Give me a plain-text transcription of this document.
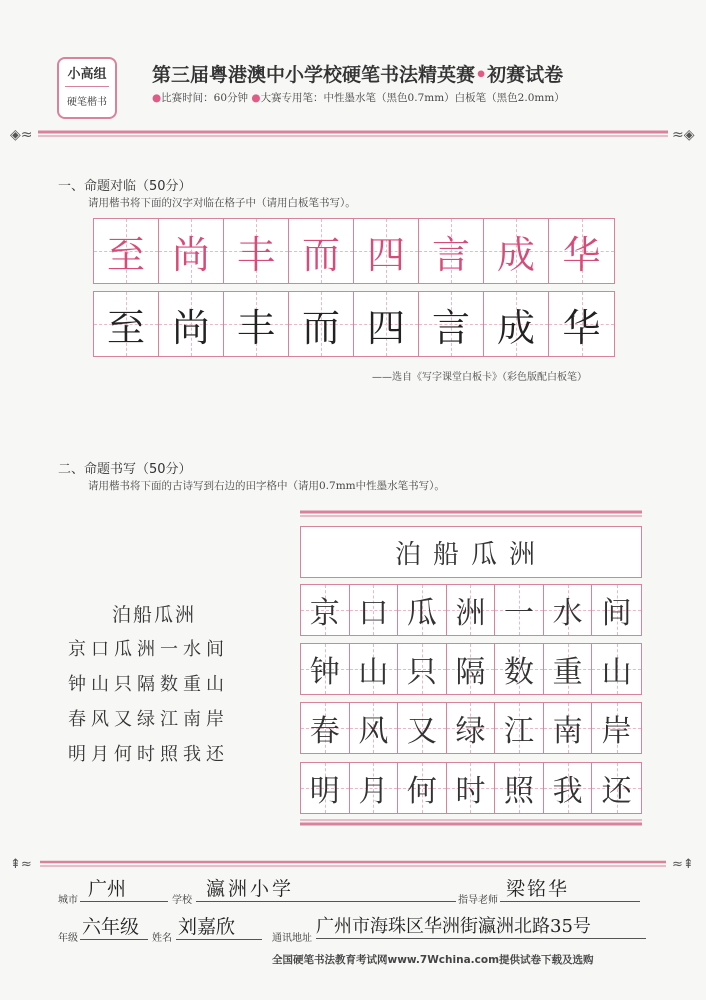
小高组
硬笔楷书
第三届粤港澳中小学校硬笔书法精英赛•初赛试卷
●比赛时间：60分钟 ●大赛专用笔：中性墨水笔（黑色0.7mm）白板笔（黑色2.0mm）
◈≈	≈◈
一、命题对临（50分）
请用楷书将下面的汉字对临在格子中（请用白板笔书写）。
至 尚 丰 而 四 言 成 华
至 尚 丰 而 四 言 成 华
——选自《写字课堂白板卡》（彩色版配白板笔）
二、命题书写（50分）
请用楷书将下面的古诗写到右边的田字格中（请用0.7mm中性墨水笔书写）。
泊船瓜洲
京口瓜洲一水间
钟山只隔数重山
春风又绿江南岸
明月何时照我还
泊船瓜洲
京 口 瓜 洲 一 水 间
钟 山 只 隔 数 重 山
春 风 又 绿 江 南 岸
明 月 何 时 照 我 还
⇞≈	≈⇞
城市
广州
学校
瀛洲小学
指导老师
梁铭华
年级
六年级
姓名
刘嘉欣
通讯地址
广州市海珠区华洲街瀛洲北路35号
全国硬笔书法教育考试网www.7Wchina.com提供试卷下载及选购
